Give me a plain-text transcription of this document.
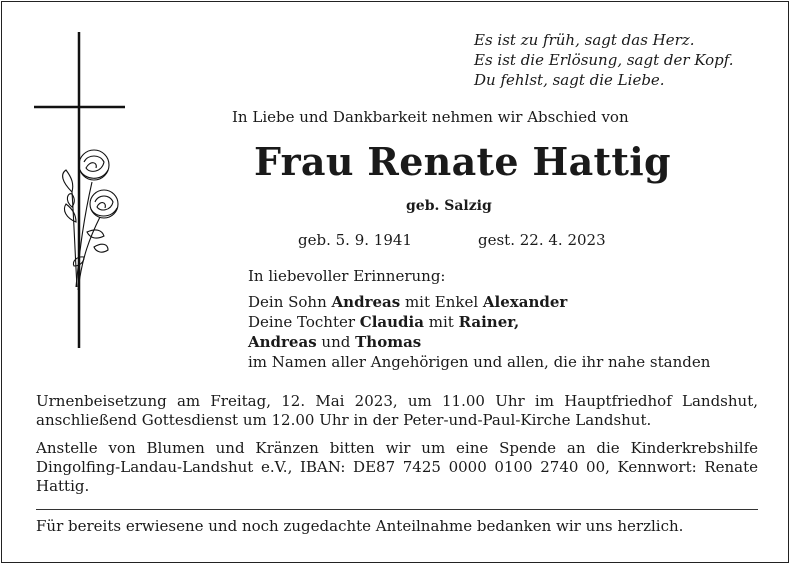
Es ist zu früh, sagt das Herz.
Es ist die Erlösung, sagt der Kopf.
Du fehlst, sagt die Liebe.
In Liebe und Dankbarkeit nehmen wir Abschied von
Frau Renate Hattig
geb. Salzig
geb. 5. 9. 1941	gest. 22. 4. 2023
In liebevoller Erinnerung:
Dein Sohn Andreas mit Enkel Alexander
Deine Tochter Claudia mit Rainer,
Andreas und Thomas
im Namen aller Angehörigen und allen, die ihr nahe standen
Urnenbeisetzung am Freitag, 12. Mai 2023, um 11.00 Uhr im Hauptfriedhof Landshut, anschließend Gottesdienst um 12.00 Uhr in der Peter-und-Paul-Kirche Landshut.
Anstelle von Blumen und Kränzen bitten wir um eine Spende an die Kinderkrebshilfe Dingolfing-Landau-Landshut e.V., IBAN: DE87 7425 0000 0100 2740 00, Kennwort: Renate Hattig.
Für bereits erwiesene und noch zugedachte Anteilnahme bedanken wir uns herzlich.
